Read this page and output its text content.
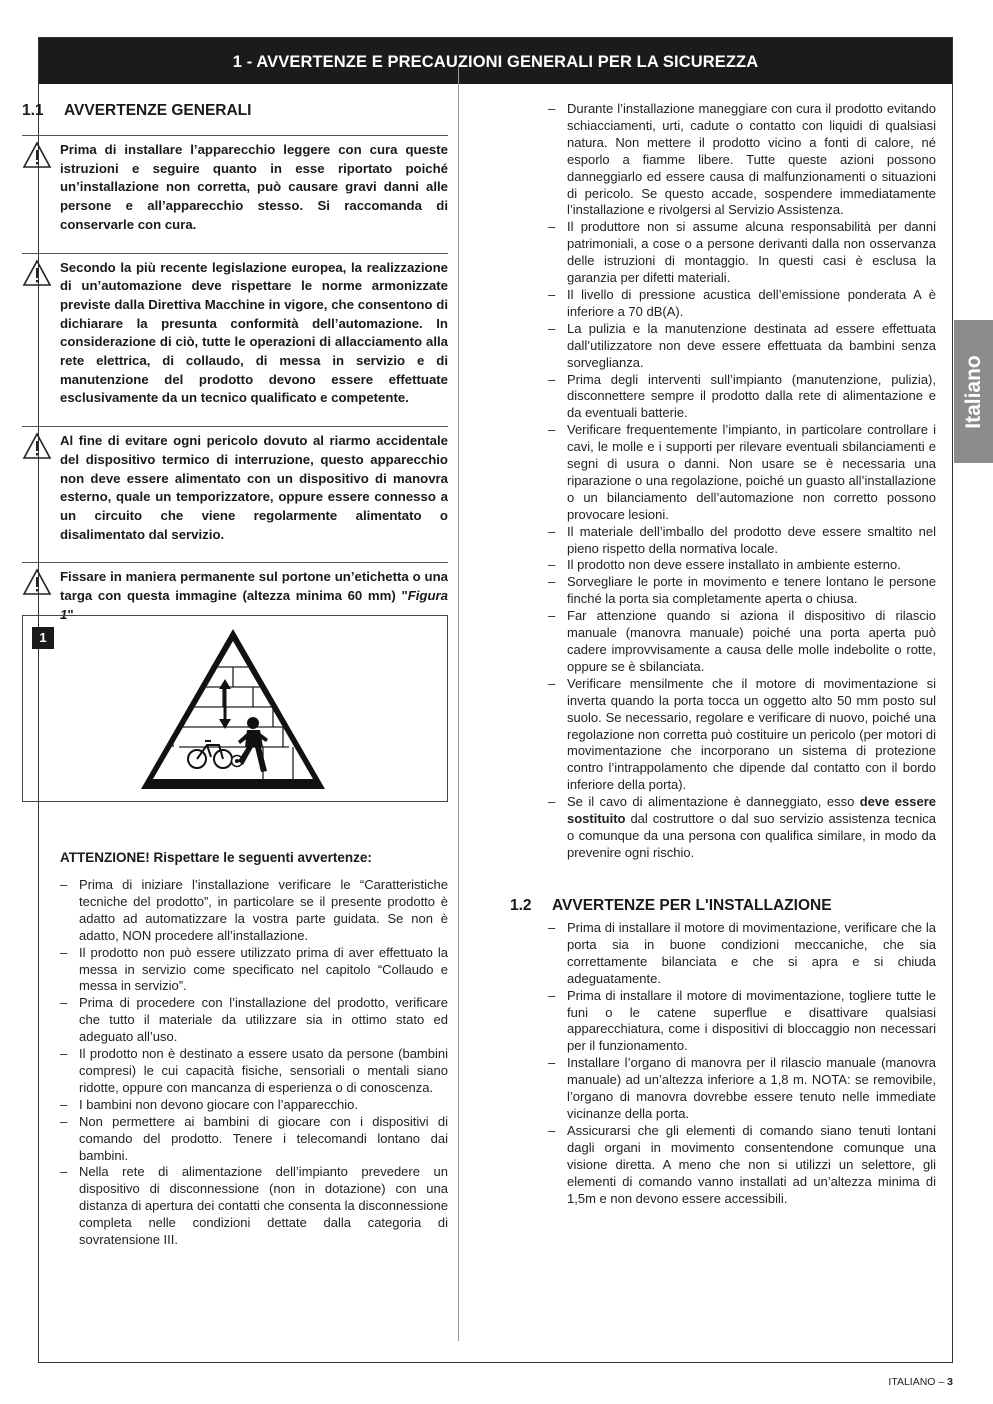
1 - AVVERTENZE E PRECAUZIONI GENERALI PER LA SICUREZZA
1.1	AVVERTENZE GENERALI
Prima di installare l’apparecchio leggere con cura queste istruzioni e seguire quanto in esse riportato poiché un’installazione non corretta, può causare gravi danni alle persone e all’apparecchio stesso. Si raccomanda di conservarle con cura.
Secondo la più recente legislazione europea, la realizzazione di un’automazione deve rispettare le norme armonizzate previste dalla Direttiva Macchine in vigore, che consentono di dichiarare la presunta conformità dell’automazione. In considerazione di ciò, tutte le operazioni di allacciamento alla rete elettrica, di collaudo, di messa in servizio e di manutenzione del prodotto devono essere effettuate esclusivamente da un tecnico qualificato e competente.
Al fine di evitare ogni pericolo dovuto al riarmo accidentale del dispositivo termico di interruzione, questo apparecchio non deve essere alimentato con un dispositivo di manovra esterno, quale un temporizzatore, oppure essere connesso a un circuito che viene regolarmente alimentato o disalimentato dal servizio.
Fissare in maniera permanente sul portone un’etichetta o una targa con questa immagine (altezza minima 60 mm) "Figura 1"
1
ATTENZIONE! Rispettare le seguenti avvertenze:
– Prima di iniziare l’installazione verificare le “Caratteristiche tecniche del prodotto”, in particolare se il presente prodotto è adatto ad automatizzare la vostra parte guidata. Se non è adatto, NON procedere all’installazione.
– Il prodotto non può essere utilizzato prima di aver effettuato la messa in servizio come specificato nel capitolo “Collaudo e messa in servizio”.
– Prima di procedere con l’installazione del prodotto, verificare che tutto il materiale da utilizzare sia in ottimo stato ed adeguato all’uso.
– Il prodotto non è destinato a essere usato da persone (bambini compresi) le cui capacità fisiche, sensoriali o mentali siano ridotte, oppure con mancanza di esperienza o di conoscenza.
– I bambini non devono giocare con l’apparecchio.
– Non permettere ai bambini di giocare con i dispositivi di comando del prodotto. Tenere i telecomandi lontano dai bambini.
– Nella rete di alimentazione dell’impianto prevedere un dispositivo di disconnessione (non in dotazione) con una distanza di apertura dei contatti che consenta la disconnessione completa nelle condizioni dettate dalla categoria di sovratensione III.
– Durante l’installazione maneggiare con cura il prodotto evitando schiacciamenti, urti, cadute o contatto con liquidi di qualsiasi natura. Non mettere il prodotto vicino a fonti di calore, né esporlo a fiamme libere. Tutte queste azioni possono danneggiarlo ed essere causa di malfunzionamenti o situazioni di pericolo. Se questo accade, sospendere immediatamente l’installazione e rivolgersi al Servizio Assistenza.
– Il produttore non si assume alcuna responsabilità per danni patrimoniali, a cose o a persone derivanti dalla non osservanza delle istruzioni di montaggio. In questi casi è esclusa la garanzia per difetti materiali.
– Il livello di pressione acustica dell’emissione ponderata A è inferiore a 70 dB(A).
– La pulizia e la manutenzione destinata ad essere effettuata dall’utilizzatore non deve essere effettuata da bambini senza sorveglianza.
– Prima degli interventi sull’impianto (manutenzione, pulizia), disconnettere sempre il prodotto dalla rete di alimentazione e da eventuali batterie.
– Verificare frequentemente l’impianto, in particolare controllare i cavi, le molle e i supporti per rilevare eventuali sbilanciamenti e segni di usura o danni. Non usare se è necessaria una riparazione o una regolazione, poiché un guasto all’installazione o un bilanciamento dell’automazione non corretto possono provocare lesioni.
– Il materiale dell’imballo del prodotto deve essere smaltito nel pieno rispetto della normativa locale.
– Il prodotto non deve essere installato in ambiente esterno.
– Sorvegliare le porte in movimento e tenere lontano le persone finché la porta sia completamente aperta o chiusa.
– Far attenzione quando si aziona il dispositivo di rilascio manuale (manovra manuale) poiché una porta aperta può cadere improvvisamente a causa delle molle indebolite o rotte, oppure se è sbilanciata.
– Verificare mensilmente che il motore di movimentazione si inverta quando la porta tocca un oggetto alto 50 mm posto sul suolo. Se necessario, regolare e verificare di nuovo, poiché una regolazione non corretta può costituire un pericolo (per motori di movimentazione che incorporano un sistema di protezione contro l’intrappolamento che dipende dal contatto con il bordo inferiore della porta).
– Se il cavo di alimentazione è danneggiato, esso deve essere sostituito dal costruttore o dal suo servizio assistenza tecnica o comunque da una persona con qualifica similare, in modo da prevenire ogni rischio.
1.2	AVVERTENZE PER L'INSTALLAZIONE
– Prima di installare il motore di movimentazione, verificare che la porta sia in buone condizioni meccaniche, che sia correttamente bilanciata e che si apra e si chiuda adeguatamente.
– Prima di installare il motore di movimentazione, togliere tutte le funi o le catene superflue e disattivare qualsiasi apparecchiatura, come i dispositivi di bloccaggio non necessari per il funzionamento.
– Installare l’organo di manovra per il rilascio manuale (manovra manuale) ad un’altezza inferiore a 1,8 m. NOTA: se removibile, l’organo di manovra dovrebbe essere tenuto nelle immediate vicinanze della porta.
– Assicurarsi che gli elementi di comando siano tenuti lontani dagli organi in movimento consentendone comunque una visione diretta. A meno che non si utilizzi un selettore, gli elementi di comando vanno installati ad un’altezza minima di 1,5m e non devono essere accessibili.
Italiano
ITALIANO – 3
